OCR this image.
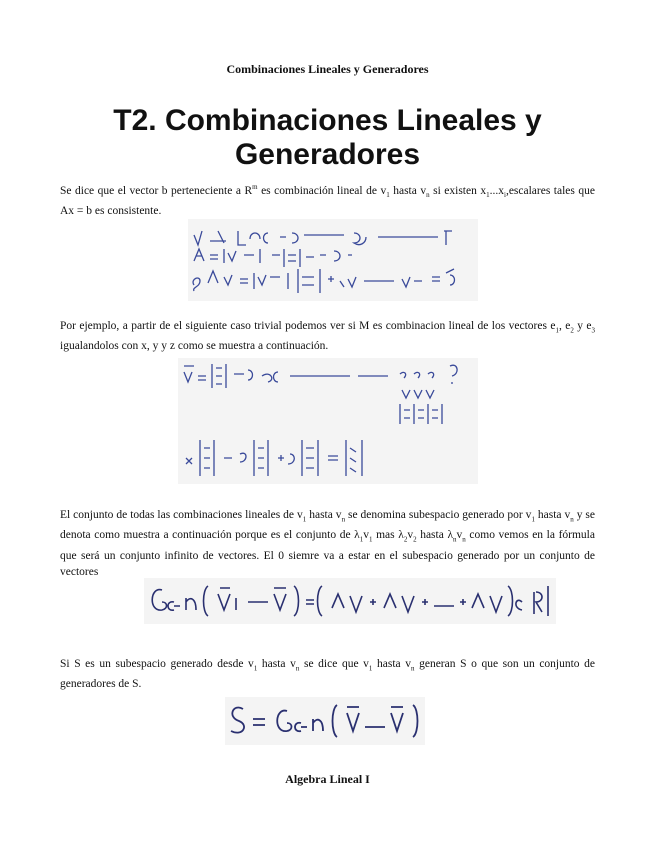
Combinaciones Lineales y Generadores
T2. Combinaciones Lineales y Generadores

Se dice que el vector b perteneciente a $R^m$ es combinación lineal de $v_1$ hasta $v_n$ si existen $x_1...x_i,escalares$ tales que Ax = b es consistente.

Por ejemplo, a partir de el siguiente caso trivial podemos ver si M es combinacion lineal de los vectores $e_1$, $e_2$ y $e_3$ igualandolos con x, y y z como se muestra a continuación.

El conjunto de todas las combinaciones lineales de $v_1$ hasta $v_n$ se denomina subespacio generado por $v_1$ hasta $v_n$ y se denota como muestra a continuación porque es el conjunto de $\lambda_1v_1$ mas $\lambda_2v_2$ hasta $\lambda_nv_n$ como vemos en la fórmula que será un conjunto infinito de vectores. El 0 siemre va a estar en el subespacio generado por un conjunto de vectores

Si S es un subespacio generado desde $v_1$ hasta $v_n$ se dice que $v_1$ hasta $v_n$ generan S o que son un conjunto de generadores de S.

Algebra Lineal I
